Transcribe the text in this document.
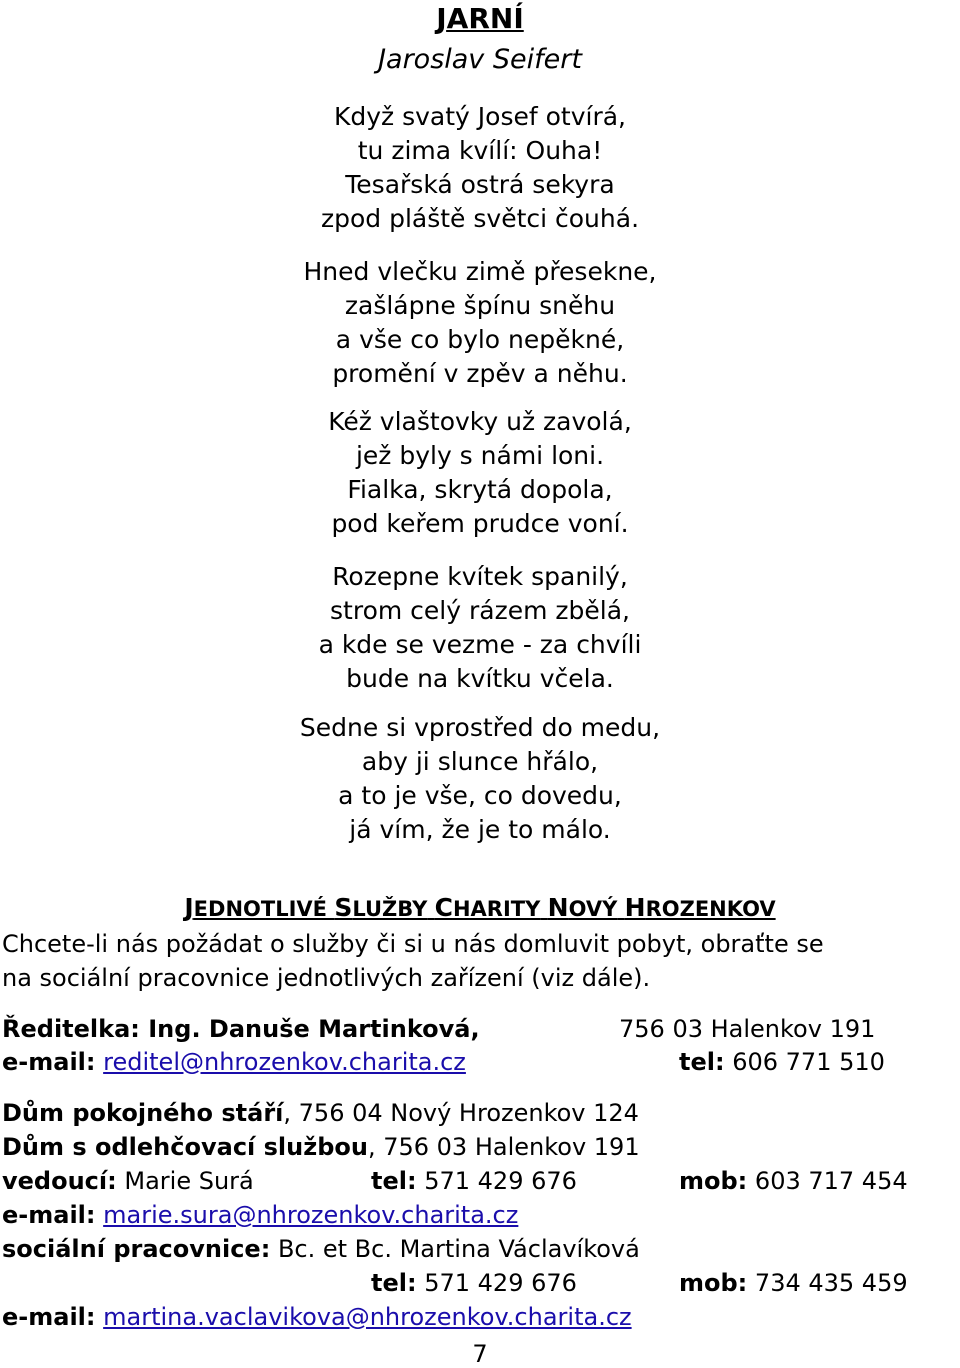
JARNÍ
Jaroslav Seifert
Když svatý Josef otvírá,
tu zima kvílí: Ouha!
Tesařská ostrá sekyra
zpod pláště světci čouhá.
Hned vlečku zimě přesekne,
zašlápne špínu sněhu
a vše co bylo nepěkné,
promění v zpěv a něhu.
Kéž vlaštovky už zavolá,
jež byly s námi loni.
Fialka, skrytá dopola,
pod keřem prudce voní.
Rozepne kvítek spanilý,
strom celý rázem zbělá,
a kde se vezme - za chvíli
bude na kvítku včela.
Sedne si vprostřed do medu,
aby ji slunce hřálo,
a to je vše, co dovedu,
já vím, že je to málo.
JEDNOTLIVÉ SLUŽBY CHARITY NOVÝ HROZENKOV
Chcete-li nás požádat o služby či si u nás domluvit pobyt, obraťte se
na sociální pracovnice jednotlivých zařízení (viz dále).
Ředitelka: Ing. Danuše Martinková,	756 03 Halenkov 191
e-mail: reditel@nhrozenkov.charita.cz	tel: 606 771 510
Dům pokojného stáří, 756 04 Nový Hrozenkov 124
Dům s odlehčovací službou, 756 03 Halenkov 191
vedoucí: Marie Surá	tel: 571 429 676	mob: 603 717 454
e-mail: marie.sura@nhrozenkov.charita.cz
sociální pracovnice: Bc. et Bc. Martina Václavíková
tel: 571 429 676	mob: 734 435 459
e-mail: martina.vaclavikova@nhrozenkov.charita.cz
7
